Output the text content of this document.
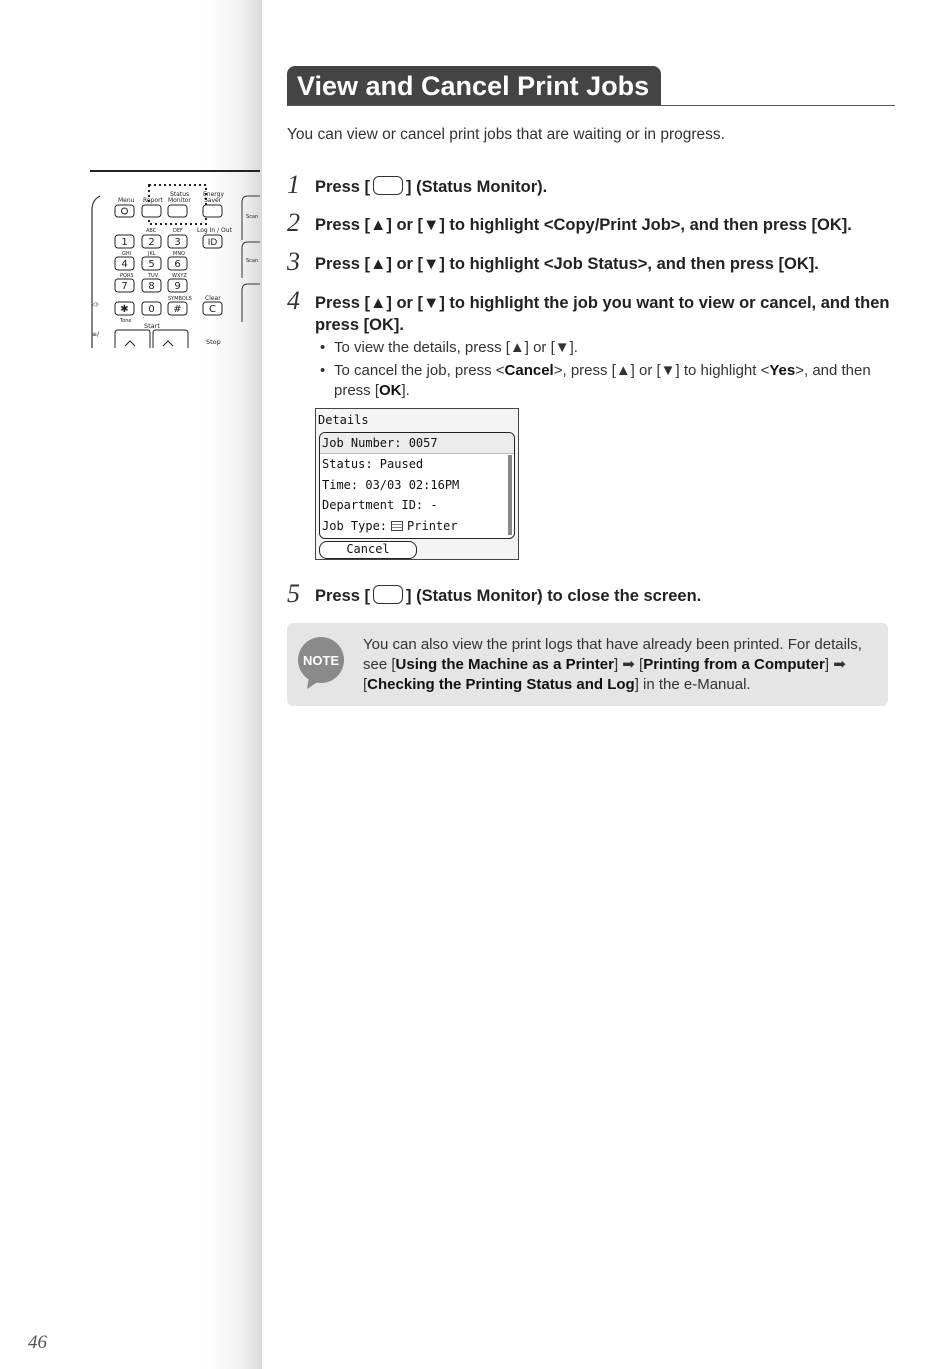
Menu Report
Status
Monitor
Energy
Saver
ABC	DEF Log In / Out
1 2 3	ID
4 5 6
7 8 9
✱ 0 #	C
GHI	JKL	MNO
PQRS	TUV	WXYZ
SYMBOLS
Tone
Clear
Start
Stop
◁›
≡/
Scan
Scan
View and Cancel Print Jobs
You can view or cancel print jobs that are waiting or in progress.
1 Press [ ] (Status Monitor).
2 Press [▲] or [▼] to highlight <Copy/Print Job>, and then press [OK].
3 Press [▲] or [▼] to highlight <Job Status>, and then press [OK].
4 Press [▲] or [▼] to highlight the job you want to view or cancel, and then press [OK].
• To view the details, press [▲] or [▼].
• To cancel the job, press <Cancel>, press [▲] or [▼] to highlight <Yes>, and then press [OK].
Details
Job Number: 0057
Status: Paused
Time: 03/03 02:16PM
Department ID: -
Job Type: Printer
Cancel
5 Press [ ] (Status Monitor) to close the screen.
NOTE
You can also view the print logs that have already been printed. For details, see [Using the Machine as a Printer] ➡ [Printing from a Computer] ➡ [Checking the Printing Status and Log] in the e-Manual.
46
